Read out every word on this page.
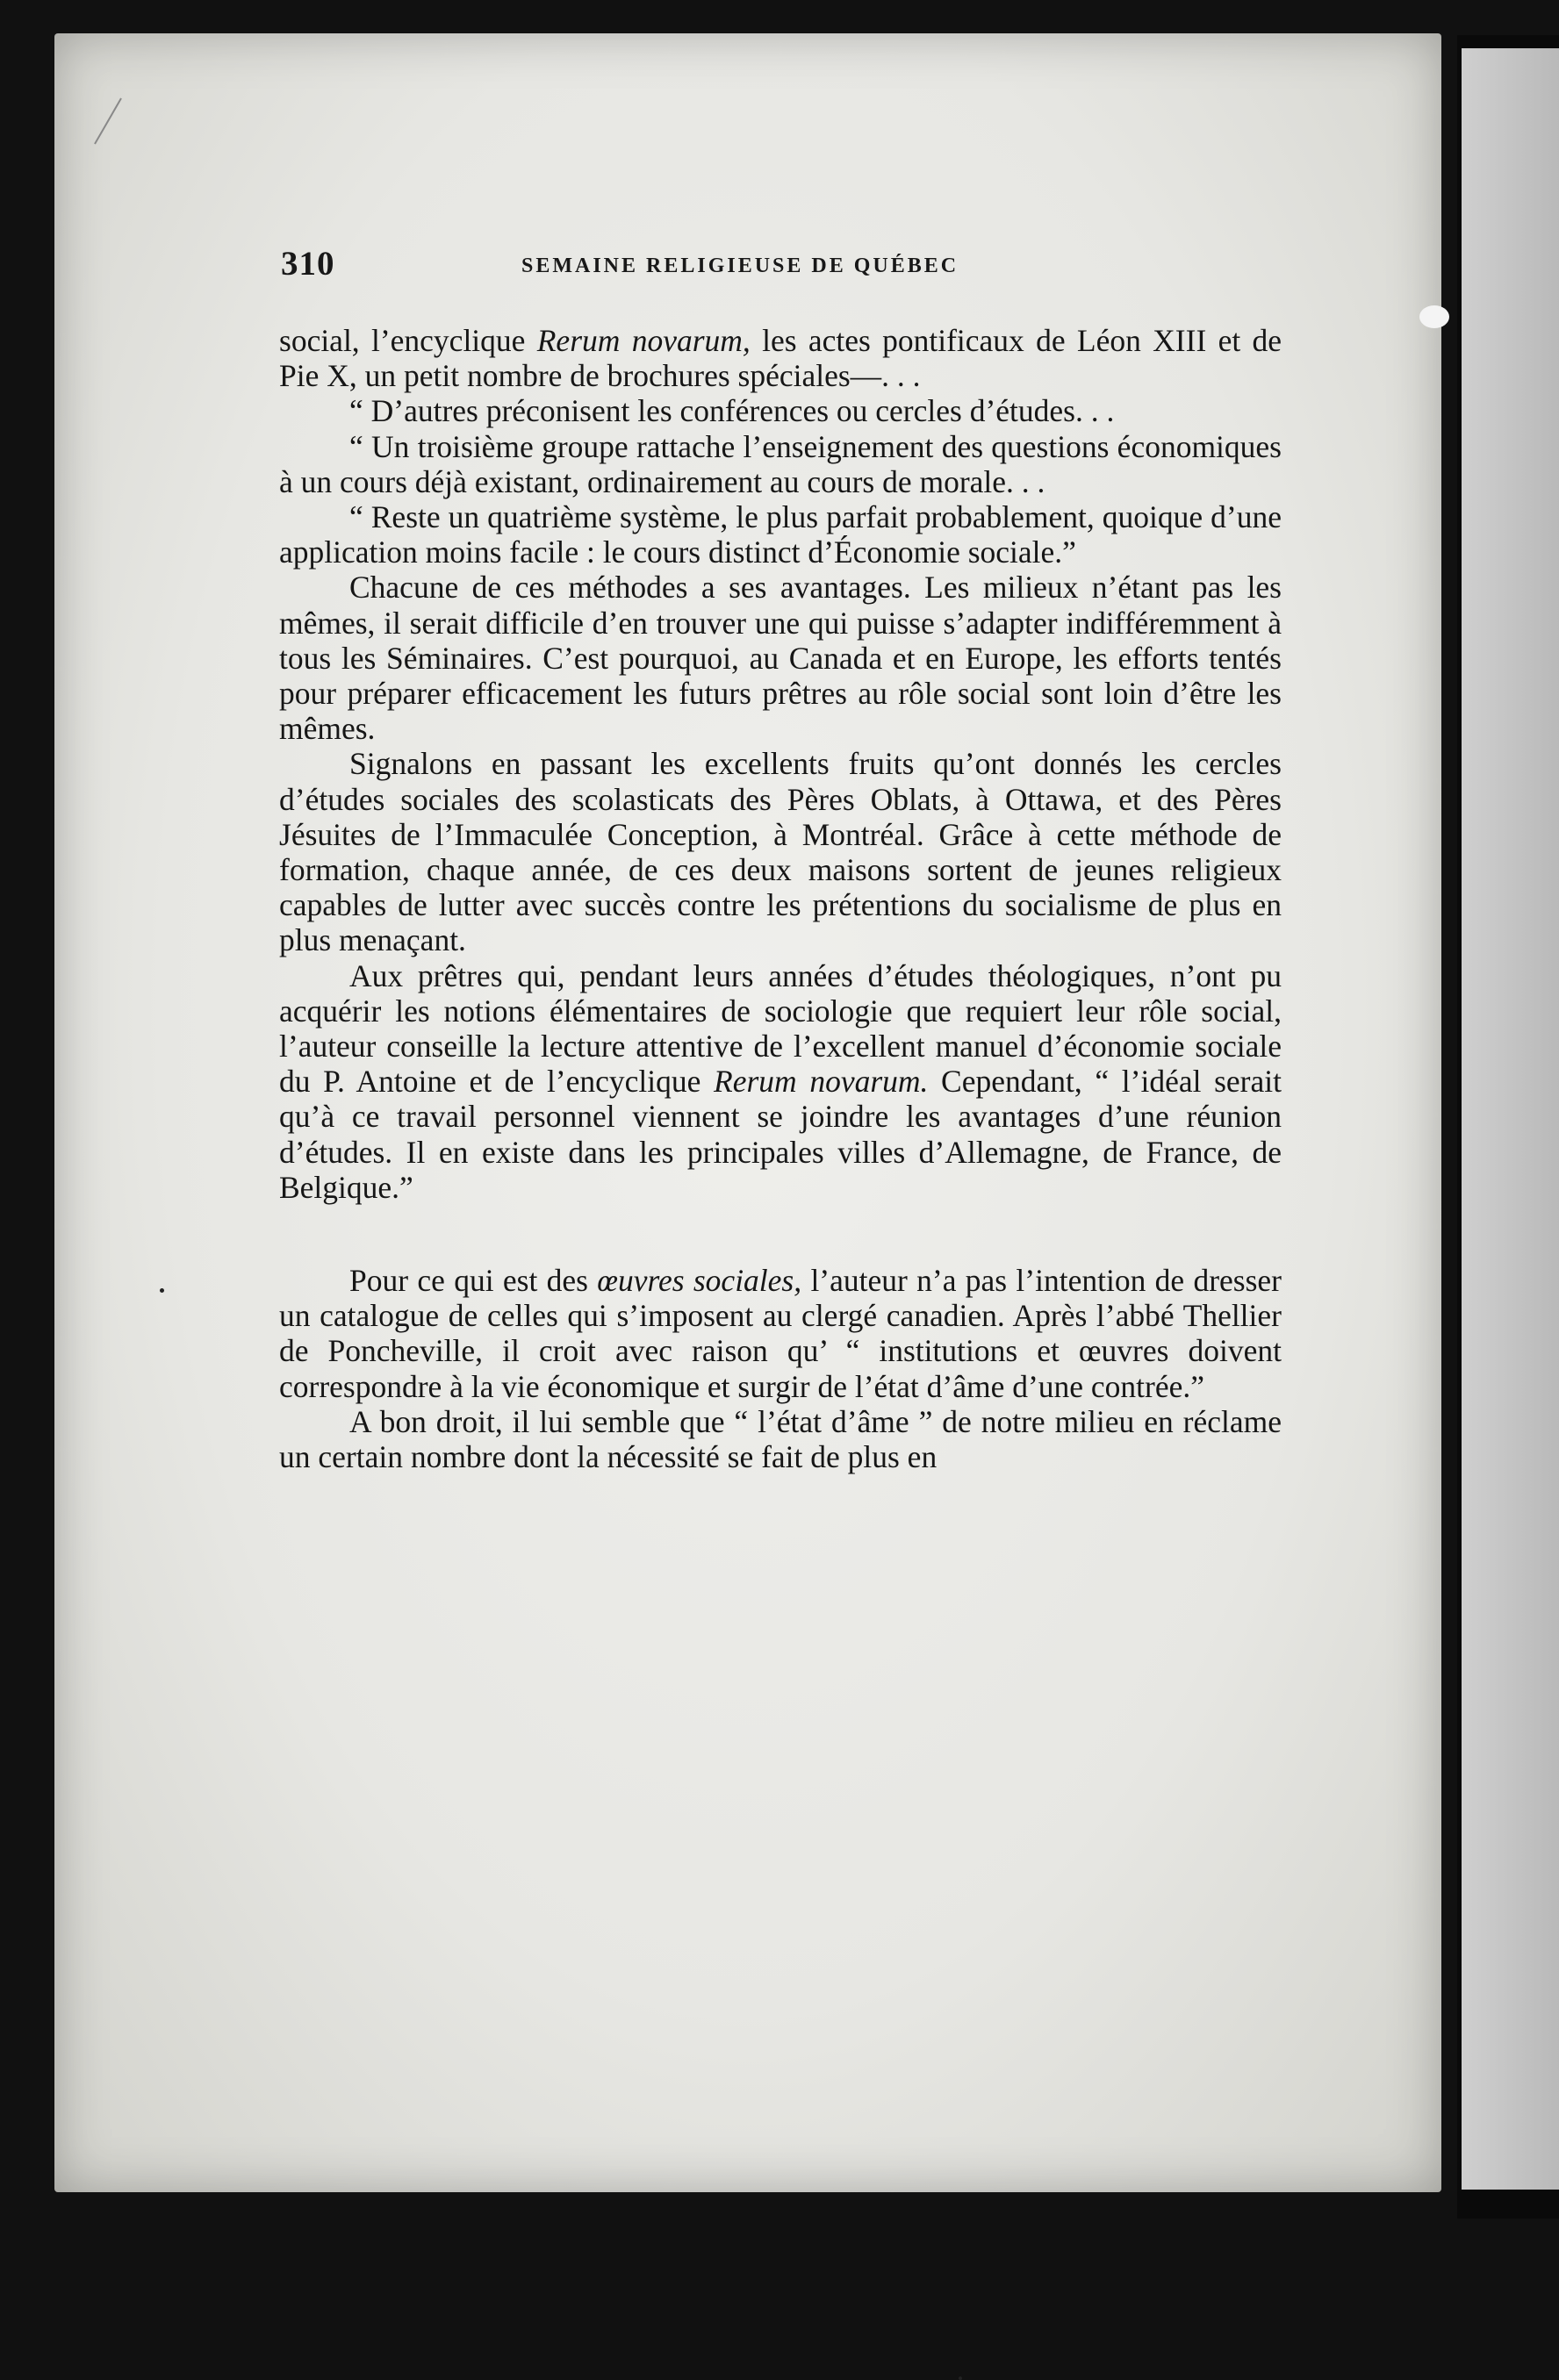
310	SEMAINE RELIGIEUSE DE QUÉBEC

social, l’encyclique Rerum novarum, les actes pontificaux de Léon XIII et de Pie X, un petit nombre de brochures spéciales—. . .

“ D’autres préconisent les conférences ou cercles d’études. . .

“ Un troisième groupe rattache l’enseignement des questions économiques à un cours déjà existant, ordinairement au cours de morale. . .

“ Reste un quatrième système, le plus parfait probablement, quoique d’une application moins facile : le cours distinct d’Économie sociale.”

Chacune de ces méthodes a ses avantages. Les milieux n’étant pas les mêmes, il serait difficile d’en trouver une qui puisse s’adapter indifféremment à tous les Séminaires. C’est pourquoi, au Canada et en Europe, les efforts tentés pour préparer efficacement les futurs prêtres au rôle social sont loin d’être les mêmes.

Signalons en passant les excellents fruits qu’ont donnés les cercles d’études sociales des scolasticats des Pères Oblats, à Ottawa, et des Pères Jésuites de l’Immaculée Conception, à Montréal. Grâce à cette méthode de formation, chaque année, de ces deux maisons sortent de jeunes religieux capables de lutter avec succès contre les prétentions du socialisme de plus en plus menaçant.

Aux prêtres qui, pendant leurs années d’études théologiques, n’ont pu acquérir les notions élémentaires de sociologie que requiert leur rôle social, l’auteur conseille la lecture attentive de l’excellent manuel d’économie sociale du P. Antoine et de l’encyclique Rerum novarum. Cependant, “ l’idéal serait qu’à ce travail personnel viennent se joindre les avantages d’une réunion d’études. Il en existe dans les principales villes d’Allemagne, de France, de Belgique.”

Pour ce qui est des œuvres sociales, l’auteur n’a pas l’intention de dresser un catalogue de celles qui s’imposent au clergé canadien. Après l’abbé Thellier de Poncheville, il croit avec raison qu’ “ institutions et œuvres doivent correspondre à la vie économique et surgir de l’état d’âme d’une contrée.”

A bon droit, il lui semble que “ l’état d’âme ” de notre milieu en réclame un certain nombre dont la nécessité se fait de plus en
